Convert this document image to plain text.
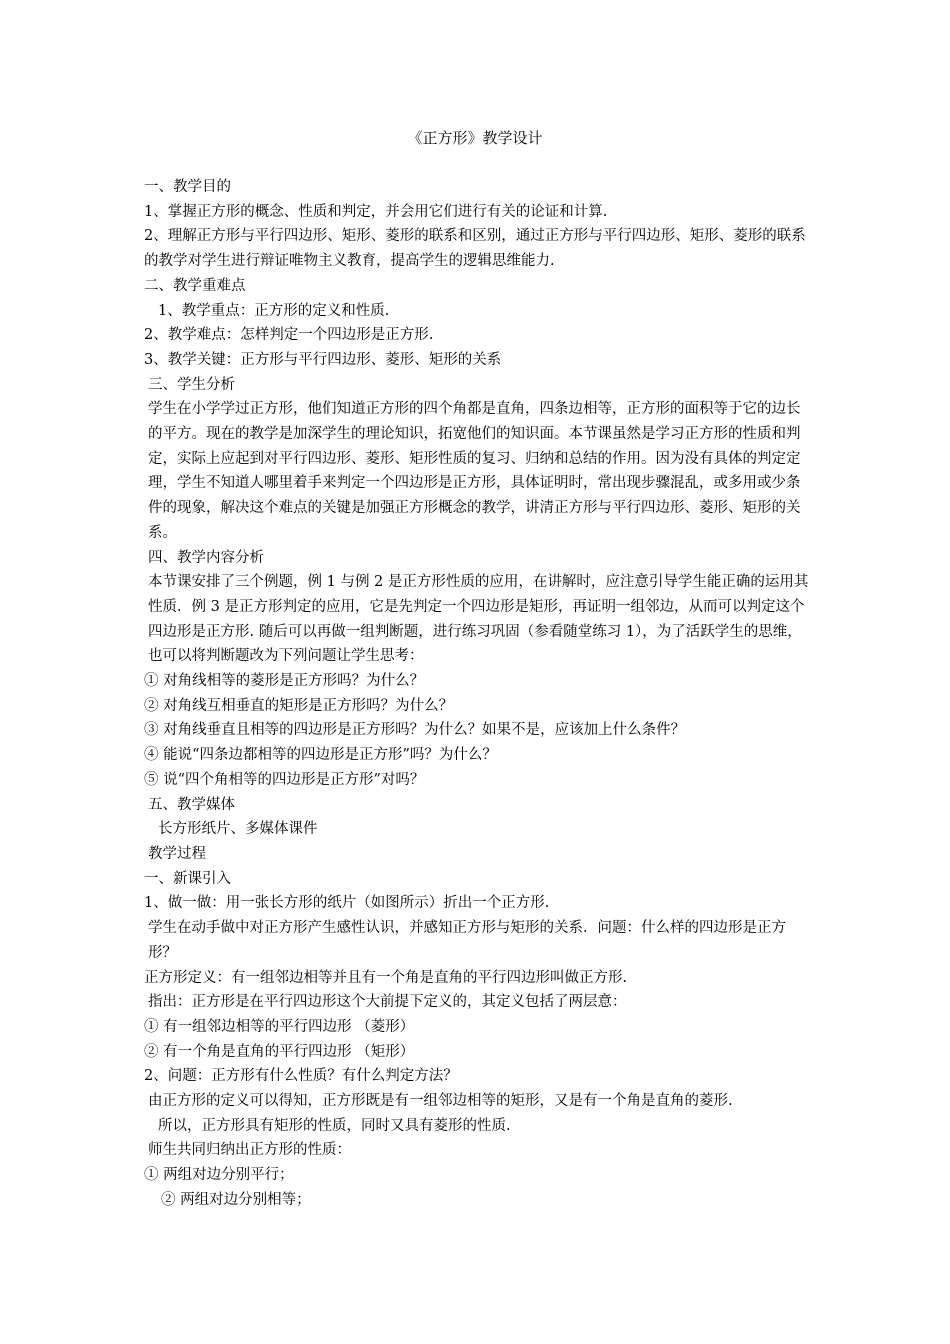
《正方形》教学设计

一、教学目的

1、掌握正方形的概念、性质和判定，并会用它们进行有关的论证和计算.

2、理解正方形与平行四边形、矩形、菱形的联系和区别，通过正方形与平行四边形、矩形、菱形的联系的教学对学生进行辩证唯物主义教育，提高学生的逻辑思维能力.

二、教学重难点

1、教学重点：正方形的定义和性质.

2、教学难点：怎样判定一个四边形是正方形.

3、教学关键：正方形与平行四边形、菱形、矩形的关系

三、学生分析

学生在小学学过正方形，他们知道正方形的四个角都是直角，四条边相等，正方形的面积等于它的边长的平方。现在的教学是加深学生的理论知识，拓宽他们的知识面。本节课虽然是学习正方形的性质和判定，实际上应起到对平行四边形、菱形、矩形性质的复习、归纳和总结的作用。因为没有具体的判定定理，学生不知道人哪里着手来判定一个四边形是正方形，具体证明时，常出现步骤混乱，或多用或少条件的现象，解决这个难点的关键是加强正方形概念的教学，讲清正方形与平行四边形、菱形、矩形的关系。

四、教学内容分析

本节课安排了三个例题，例 1 与例 2 是正方形性质的应用，在讲解时，应注意引导学生能正确的运用其性质．例 3 是正方形判定的应用，它是先判定一个四边形是矩形，再证明一组邻边，从而可以判定这个四边形是正方形. 随后可以再做一组判断题，进行练习巩固（参看随堂练习 1），为了活跃学生的思维，也可以将判断题改为下列问题让学生思考：

① 对角线相等的菱形是正方形吗？为什么？

② 对角线互相垂直的矩形是正方形吗？为什么？

③ 对角线垂直且相等的四边形是正方形吗？为什么？如果不是，应该加上什么条件？

④ 能说“四条边都相等的四边形是正方形”吗？为什么？

⑤ 说“四个角相等的四边形是正方形”对吗？

五、教学媒体

长方形纸片、多媒体课件

教学过程

一、新课引入

1、做一做：用一张长方形的纸片（如图所示）折出一个正方形.

学生在动手做中对正方形产生感性认识，并感知正方形与矩形的关系．问题：什么样的四边形是正方形？

正方形定义：有一组邻边相等并且有一个角是直角的平行四边形叫做正方形.

指出：正方形是在平行四边形这个大前提下定义的，其定义包括了两层意：

① 有一组邻边相等的平行四边形 （菱形）

② 有一个角是直角的平行四边形 （矩形）

2、问题：正方形有什么性质？有什么判定方法？

由正方形的定义可以得知，正方形既是有一组邻边相等的矩形，又是有一个角是直角的菱形.

所以，正方形具有矩形的性质，同时又具有菱形的性质.

师生共同归纳出正方形的性质：

① 两组对边分别平行；

② 两组对边分别相等；
